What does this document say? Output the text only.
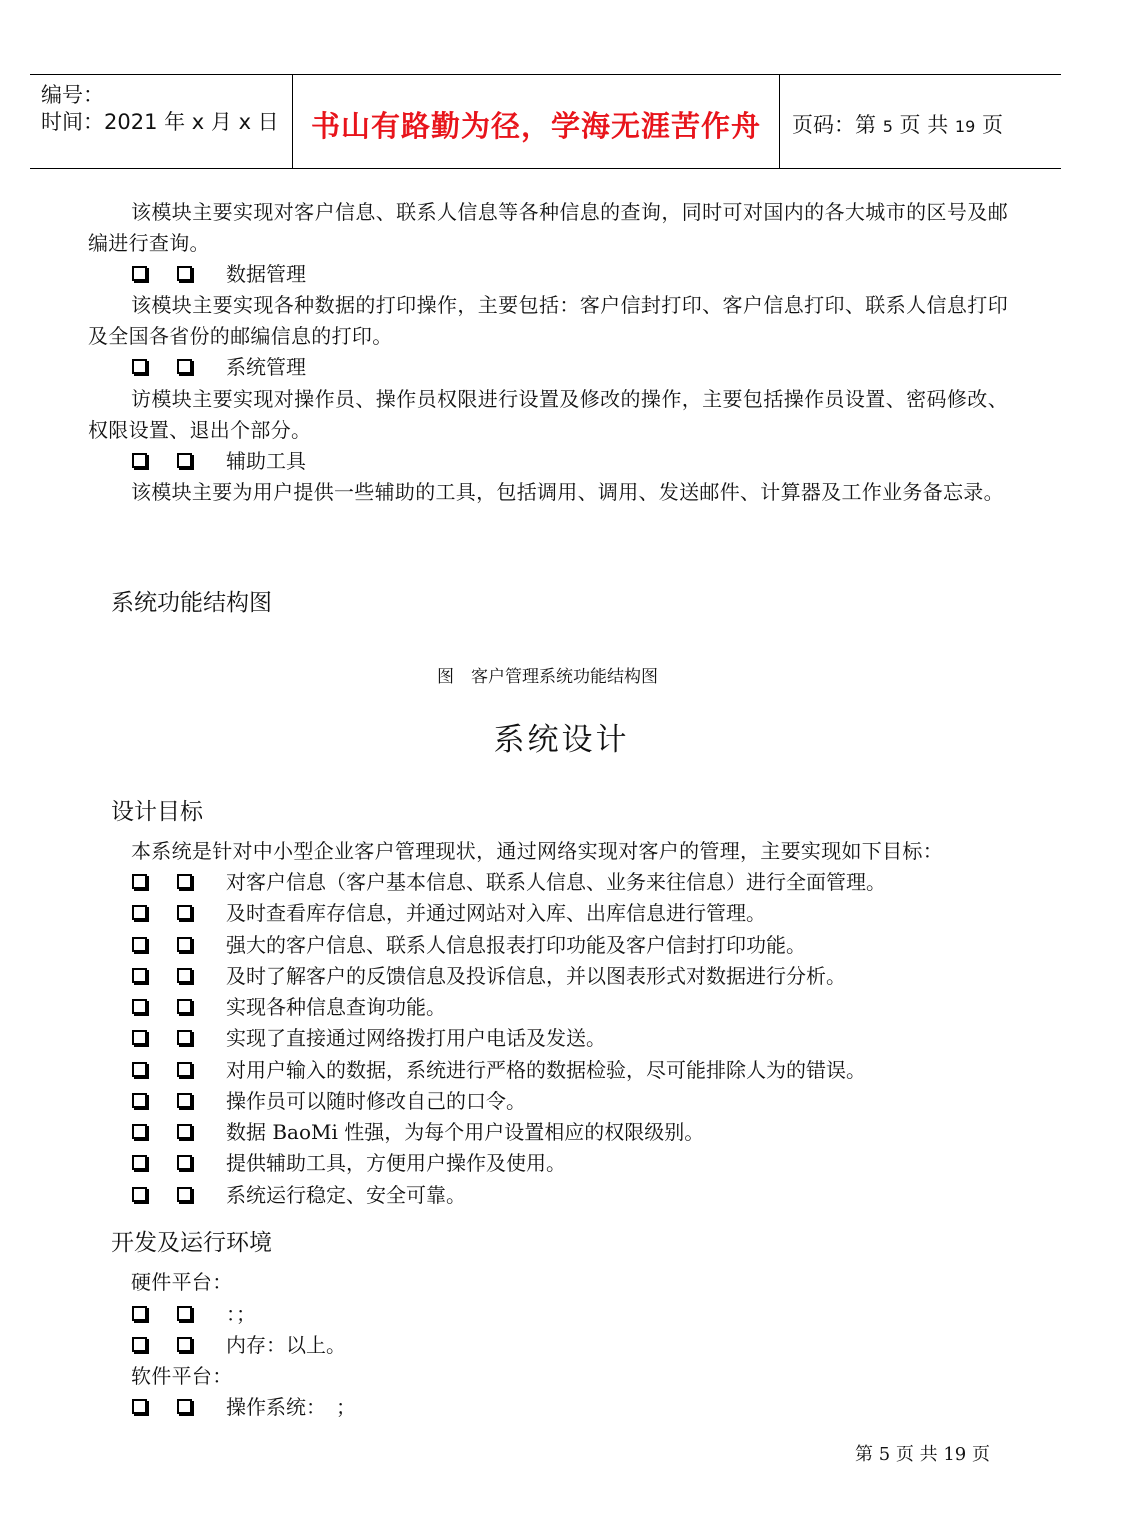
编号：
时间：2021 年 x 月 x 日	书山有路勤为径，学海无涯苦作舟	页码：第 5 页 共 19 页
该模块主要实现对客户信息、联系人信息等各种信息的查询，同时可对国内的各大城市的区号及邮编进行查询。
数据管理
该模块主要实现各种数据的打印操作，主要包括：客户信封打印、客户信息打印、联系人信息打印及全国各省份的邮编信息的打印。
系统管理
访模块主要实现对操作员、操作员权限进行设置及修改的操作，主要包括操作员设置、密码修改、权限设置、退出个部分。
辅助工具
该模块主要为用户提供一些辅助的工具，包括调用、调用、发送邮件、计算器及工作业务备忘录。
系统功能结构图
图　客户管理系统功能结构图
系统设计
设计目标
本系统是针对中小型企业客户管理现状，通过网络实现对客户的管理，主要实现如下目标：
对客户信息（客户基本信息、联系人信息、业务来往信息）进行全面管理。
及时查看库存信息，并通过网站对入库、出库信息进行管理。
强大的客户信息、联系人信息报表打印功能及客户信封打印功能。
及时了解客户的反馈信息及投诉信息，并以图表形式对数据进行分析。
实现各种信息查询功能。
实现了直接通过网络拨打用户电话及发送。
对用户输入的数据，系统进行严格的数据检验，尽可能排除人为的错误。
操作员可以随时修改自己的口令。
数据 BaoMi 性强，为每个用户设置相应的权限级别。
提供辅助工具，方便用户操作及使用。
系统运行稳定、安全可靠。
开发及运行环境
硬件平台：
：；
内存：以上。
软件平台：
操作系统：　；
第 5 页 共 19 页
